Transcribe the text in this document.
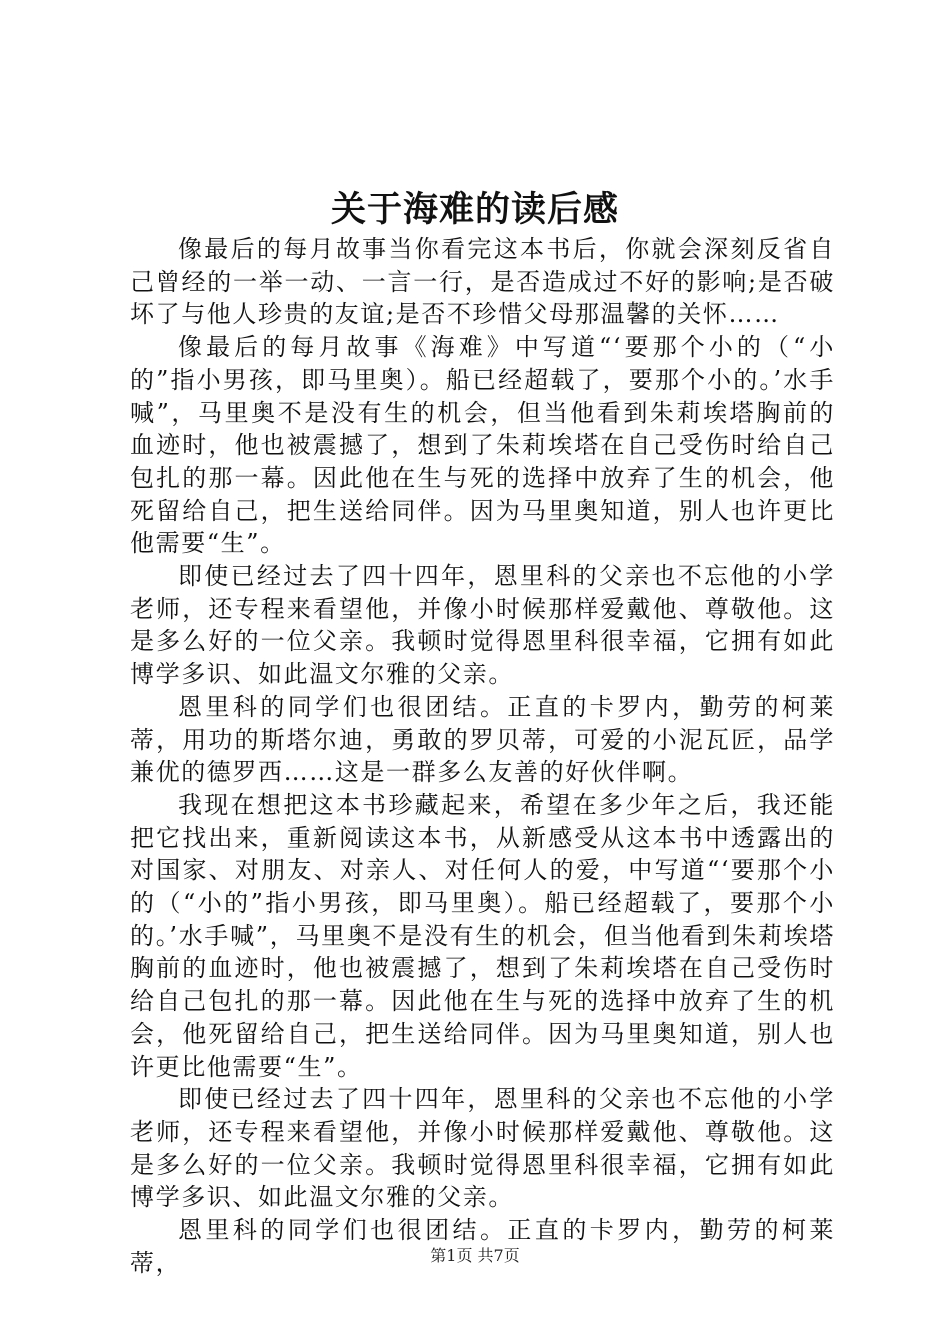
关于海难的读后感

像最后的每月故事当你看完这本书后，你就会深刻反省自己曾经的一举一动、一言一行，是否造成过不好的影响;是否破坏了与他人珍贵的友谊;是否不珍惜父母那温馨的关怀……

像最后的每月故事《海难》中写道“‘要那个小的（“小的”指小男孩，即马里奥）。船已经超载了，要那个小的。’水手喊”，马里奥不是没有生的机会，但当他看到朱莉埃塔胸前的血迹时，他也被震撼了，想到了朱莉埃塔在自己受伤时给自己包扎的那一幕。因此他在生与死的选择中放弃了生的机会，他死留给自己，把生送给同伴。因为马里奥知道，别人也许更比他需要“生”。

即使已经过去了四十四年，恩里科的父亲也不忘他的小学老师，还专程来看望他，并像小时候那样爱戴他、尊敬他。这是多么好的一位父亲。我顿时觉得恩里科很幸福，它拥有如此博学多识、如此温文尔雅的父亲。

恩里科的同学们也很团结。正直的卡罗内，勤劳的柯莱蒂，用功的斯塔尔迪，勇敢的罗贝蒂，可爱的小泥瓦匠，品学兼优的德罗西……这是一群多么友善的好伙伴啊。

我现在想把这本书珍藏起来，希望在多少年之后，我还能把它找出来，重新阅读这本书，从新感受从这本书中透露出的对国家、对朋友、对亲人、对任何人的爱，中写道“‘要那个小的（“小的”指小男孩，即马里奥）。船已经超载了，要那个小的。’水手喊”，马里奥不是没有生的机会，但当他看到朱莉埃塔胸前的血迹时，他也被震撼了，想到了朱莉埃塔在自己受伤时给自己包扎的那一幕。因此他在生与死的选择中放弃了生的机会，他死留给自己，把生送给同伴。因为马里奥知道，别人也许更比他需要“生”。

即使已经过去了四十四年，恩里科的父亲也不忘他的小学老师，还专程来看望他，并像小时候那样爱戴他、尊敬他。这是多么好的一位父亲。我顿时觉得恩里科很幸福，它拥有如此博学多识、如此温文尔雅的父亲。

恩里科的同学们也很团结。正直的卡罗内，勤劳的柯莱蒂，	第1页 共7页
